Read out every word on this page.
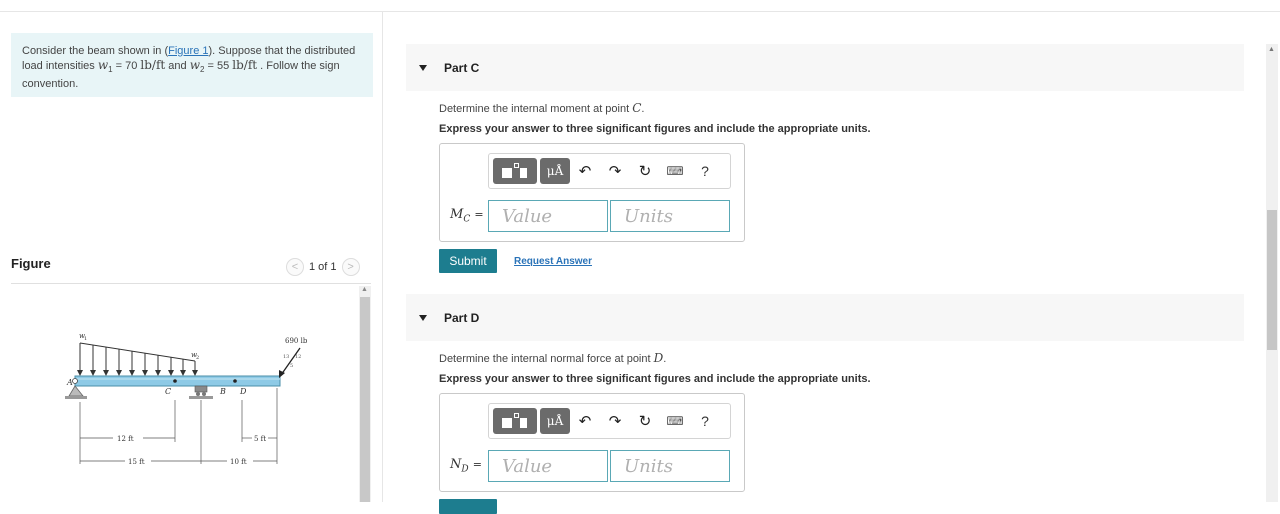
Consider the beam shown in (Figure 1). Suppose that the distributed load intensities $w_1 = 70$ lb/ft and $w_2 = 55$ lb/ft . Follow the sign convention.
Figure	< 1 of 1 >
w 1
w 2
A
B
C	D
690 lb
13 12
5
12 ft
15 ft
5 ft
10 ft
▲
Part C
Determine the internal moment at point C.
Express your answer to three significant figures and include the appropriate units.
μÅ	↶	↷	↻	⌨	?
$M_C$ =	Value	Units
Submit	Request Answer
Part D
Determine the internal normal force at point D.
Express your answer to three significant figures and include the appropriate units.
μÅ	↶	↷	↻	⌨	?
$N_D$ =	Value	Units
▲
